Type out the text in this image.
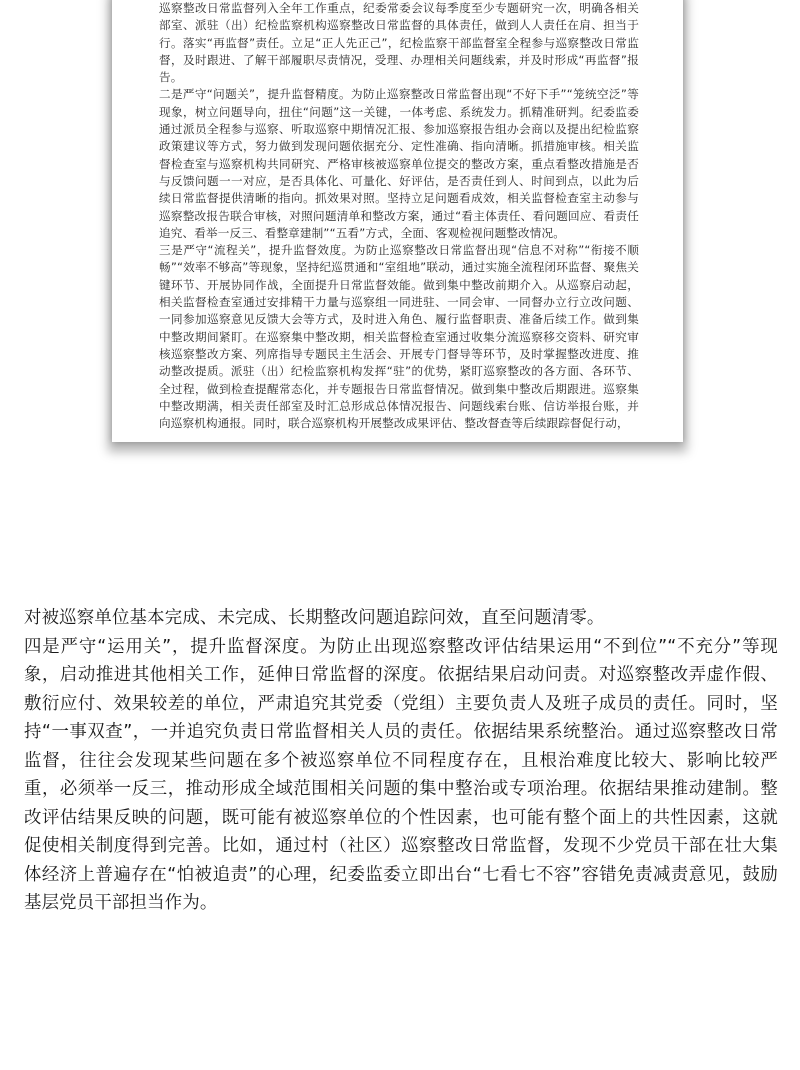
巡察整改日常监督列入全年工作重点，纪委常委会议每季度至少专题研究一次，明确各相关部室、派驻（出）纪检监察机构巡察整改日常监督的具体责任，做到人人责任在肩、担当于行。落实“再监督”责任。立足“正人先正己”，纪检监察干部监督室全程参与巡察整改日常监督，及时跟进、了解干部履职尽责情况，受理、办理相关问题线索，并及时形成“再监督”报告。

二是严守“问题关”，提升监督精度。为防止巡察整改日常监督出现“不好下手”“笼统空泛”等现象，树立问题导向，扭住“问题”这一关键，一体考虑、系统发力。抓精准研判。纪委监委通过派员全程参与巡察、听取巡察中期情况汇报、参加巡察报告组办会商以及提出纪检监察政策建议等方式，努力做到发现问题依据充分、定性准确、指向清晰。抓措施审核。相关监督检查室与巡察机构共同研究、严格审核被巡察单位提交的整改方案，重点看整改措施是否与反馈问题一一对应，是否具体化、可量化、好评估，是否责任到人、时间到点，以此为后续日常监督提供清晰的指向。抓效果对照。坚持立足问题看成效，相关监督检查室主动参与巡察整改报告联合审核，对照问题清单和整改方案，通过“看主体责任、看问题回应、看责任追究、看举一反三、看整章建制”“五看”方式，全面、客观检视问题整改情况。

三是严守“流程关”，提升监督效度。为防止巡察整改日常监督出现“信息不对称”“衔接不顺畅”“效率不够高”等现象，坚持纪巡贯通和“室组地”联动，通过实施全流程闭环监督、聚焦关键环节、开展协同作战，全面提升日常监督效能。做到集中整改前期介入。从巡察启动起，相关监督检查室通过安排精干力量与巡察组一同进驻、一同会审、一同督办立行立改问题、一同参加巡察意见反馈大会等方式，及时进入角色、履行监督职责、准备后续工作。做到集中整改期间紧盯。在巡察集中整改期，相关监督检查室通过收集分流巡察移交资料、研究审核巡察整改方案、列席指导专题民主生活会、开展专门督导等环节，及时掌握整改进度、推动整改提质。派驻（出）纪检监察机构发挥“驻”的优势，紧盯巡察整改的各方面、各环节、全过程，做到检查提醒常态化，并专题报告日常监督情况。做到集中整改后期跟进。巡察集中整改期满，相关责任部室及时汇总形成总体情况报告、问题线索台账、信访举报台账，并向巡察机构通报。同时，联合巡察机构开展整改成果评估、整改督查等后续跟踪督促行动，

对被巡察单位基本完成、未完成、长期整改问题追踪问效，直至问题清零。

四是严守“运用关”，提升监督深度。为防止出现巡察整改评估结果运用“不到位”“不充分”等现象，启动推进其他相关工作，延伸日常监督的深度。依据结果启动问责。对巡察整改弄虚作假、敷衍应付、效果较差的单位，严肃追究其党委（党组）主要负责人及班子成员的责任。同时，坚持“一事双查”，一并追究负责日常监督相关人员的责任。依据结果系统整治。通过巡察整改日常监督，往往会发现某些问题在多个被巡察单位不同程度存在，且根治难度比较大、影响比较严重，必须举一反三，推动形成全域范围相关问题的集中整治或专项治理。依据结果推动建制。整改评估结果反映的问题，既可能有被巡察单位的个性因素，也可能有整个面上的共性因素，这就促使相关制度得到完善。比如，通过村（社区）巡察整改日常监督，发现不少党员干部在壮大集体经济上普遍存在“怕被追责”的心理，纪委监委立即出台“七看七不容”容错免责减责意见，鼓励基层党员干部担当作为。
